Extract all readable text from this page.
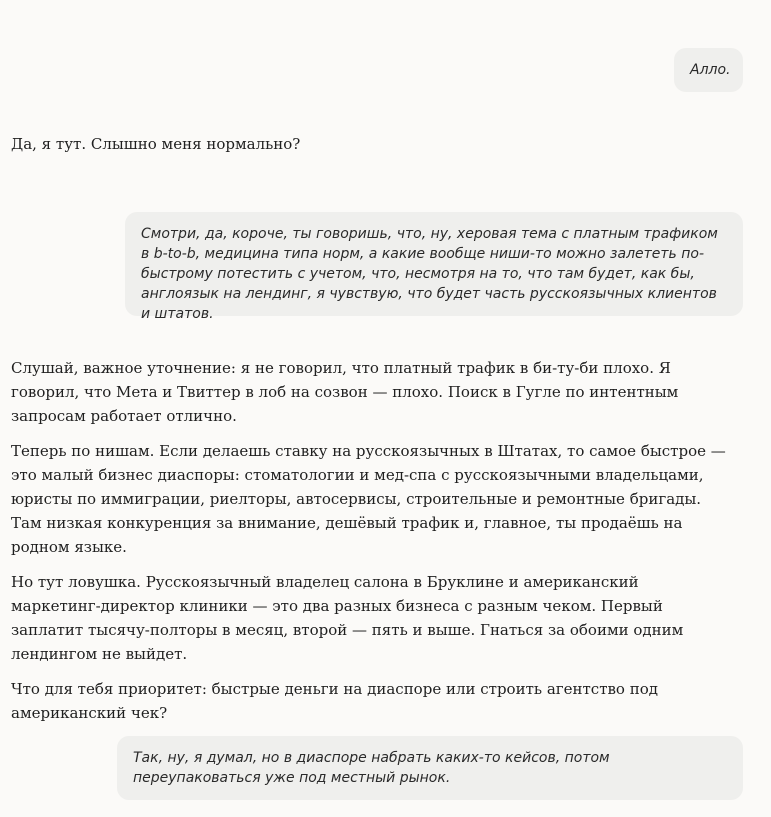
Алло.

Да, я тут. Слышно меня нормально?

Смотри, да, короче, ты говоришь, что, ну, херовая тема с платным трафиком в b-to-b, медицина типа норм, а какие вообще ниши-то можно залететь по-быстрому потестить с учетом, что, несмотря на то, что там будет, как бы, англоязык на лендинг, я чувствую, что будет часть русскоязычных клиентов и штатов.

Слушай, важное уточнение: я не говорил, что платный трафик в би-ту-би плохо. Я говорил, что Мета и Твиттер в лоб на созвон — плохо. Поиск в Гугле по интентным запросам работает отлично.

Теперь по нишам. Если делаешь ставку на русскоязычных в Штатах, то самое быстрое — это малый бизнес диаспоры: стоматологии и мед-спа с русскоязычными владельцами, юристы по иммиграции, риелторы, автосервисы, строительные и ремонтные бригады. Там низкая конкуренция за внимание, дешёвый трафик и, главное, ты продаёшь на родном языке.

Но тут ловушка. Русскоязычный владелец салона в Бруклине и американский маркетинг-директор клиники — это два разных бизнеса с разным чеком. Первый заплатит тысячу-полторы в месяц, второй — пять и выше. Гнаться за обоими одним лендингом не выйдет.

Что для тебя приоритет: быстрые деньги на диаспоре или строить агентство под американский чек?

Так, ну, я думал, но в диаспоре набрать каких-то кейсов, потом переупаковаться уже под местный рынок.
